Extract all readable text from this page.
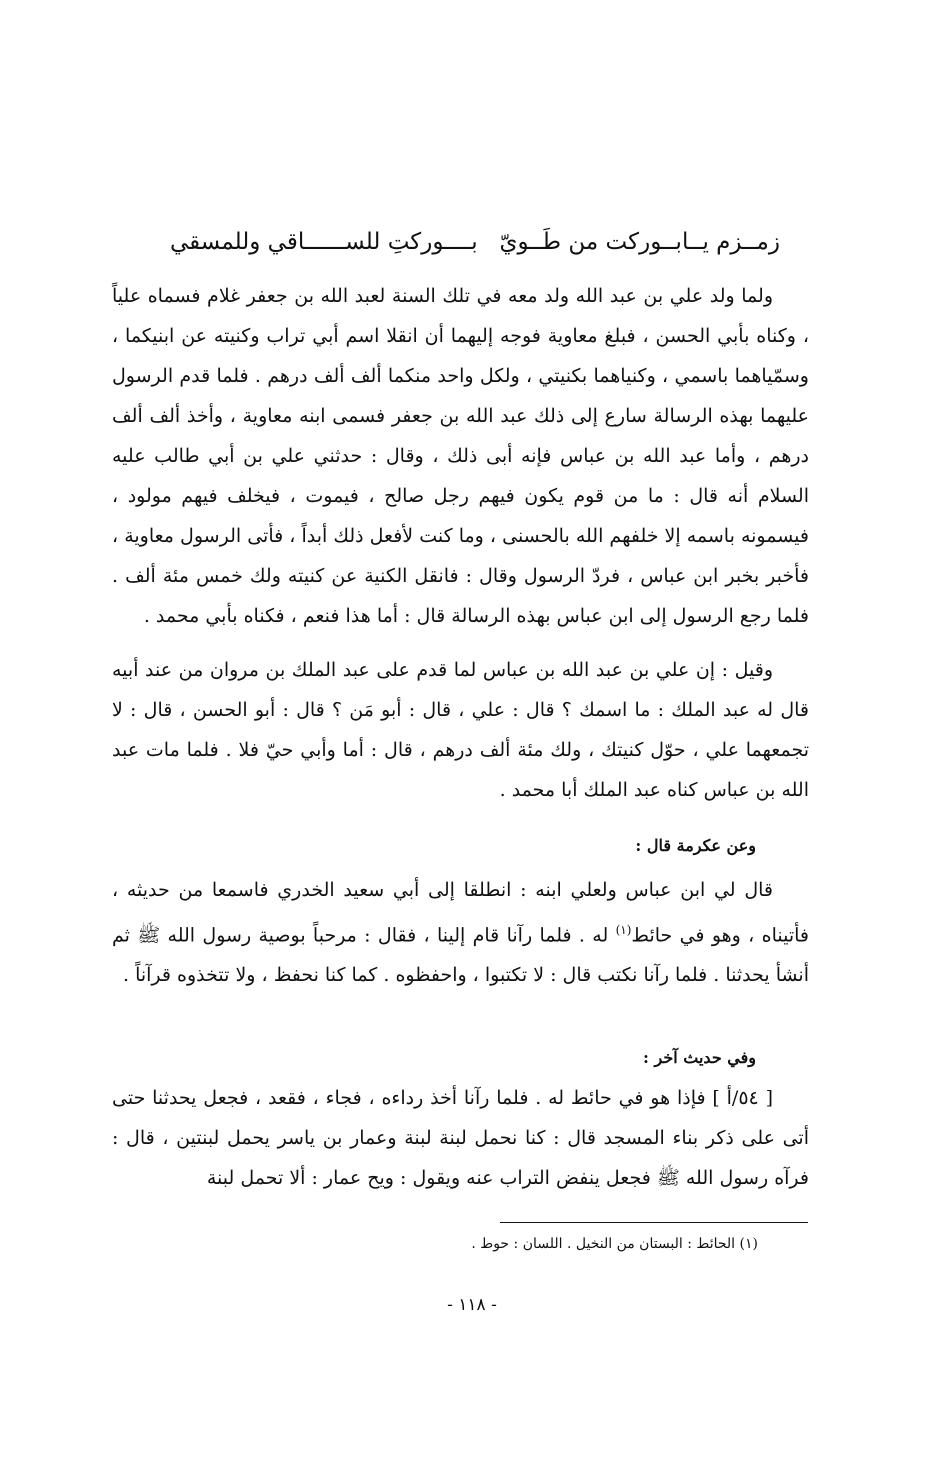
زمــزم يــابــوركت من طَــويّ
بــــوركتِ للســــــاقي وللمسقي

ولما ولد علي بن عبد الله ولد معه في تلك السنة لعبد الله بن جعفر غلام فسماه علياً ، وكناه بأبي الحسن ، فبلغ معاوية فوجه إليهما أن انقلا اسم أبي تراب وكنيته عن ابنيكما ، وسمّياهما باسمي ، وكنياهما بكنيتي ، ولكل واحد منكما ألف ألف درهم . فلما قدم الرسول عليهما بهذه الرسالة سارع إلى ذلك عبد الله بن جعفر فسمى ابنه معاوية ، وأخذ ألف ألف درهم ، وأما عبد الله بن عباس فإنه أبى ذلك ، وقال : حدثني علي بن أبي طالب عليه السلام أنه قال : ما من قوم يكون فيهم رجل صالح ، فيموت ، فيخلف فيهم مولود ، فيسمونه باسمه إلا خلفهم الله بالحسنى ، وما كنت لأفعل ذلك أبداً ، فأتى الرسول معاوية ، فأخبر بخبر ابن عباس ، فردّ الرسول وقال : فانقل الكنية عن كنيته ولك خمس مئة ألف . فلما رجع الرسول إلى ابن عباس بهذه الرسالة قال : أما هذا فنعم ، فكناه بأبي محمد .

وقيل : إن علي بن عبد الله بن عباس لما قدم على عبد الملك بن مروان من عند أبيه قال له عبد الملك : ما اسمك ؟ قال : علي ، قال : أبو مَن ؟ قال : أبو الحسن ، قال : لا تجمعهما علي ، حوّل كنيتك ، ولك مئة ألف درهم ، قال : أما وأبي حيّ فلا . فلما مات عبد الله بن عباس كناه عبد الملك أبا محمد .

وعن عكرمة قال :

قال لي ابن عباس ولعلي ابنه : انطلقا إلى أبي سعيد الخدري فاسمعا من حديثه ، فأتيناه ، وهو في حائط$^{(١)}$ له . فلما رآنا قام إلينا ، فقال : مرحباً بوصية رسول الله ﷺ ثم أنشأ يحدثنا . فلما رآنا نكتب قال : لا تكتبوا ، واحفظوه . كما كنا نحفظ ، ولا تتخذوه قرآناً .

وفي حديث آخر :

[ ٥٤/أ ] فإذا هو في حائط له . فلما رآنا أخذ رداءه ، فجاء ، فقعد ، فجعل يحدثنا حتى أتى على ذكر بناء المسجد قال : كنا نحمل لبنة لبنة وعمار بن ياسر يحمل لبنتين ، قال : فرآه رسول الله ﷺ فجعل ينفض التراب عنه ويقول : ويح عمار : ألا تحمل لبنة

(١) الحائط : البستان من النخيل . اللسان : حوط .
- ١١٨ -
